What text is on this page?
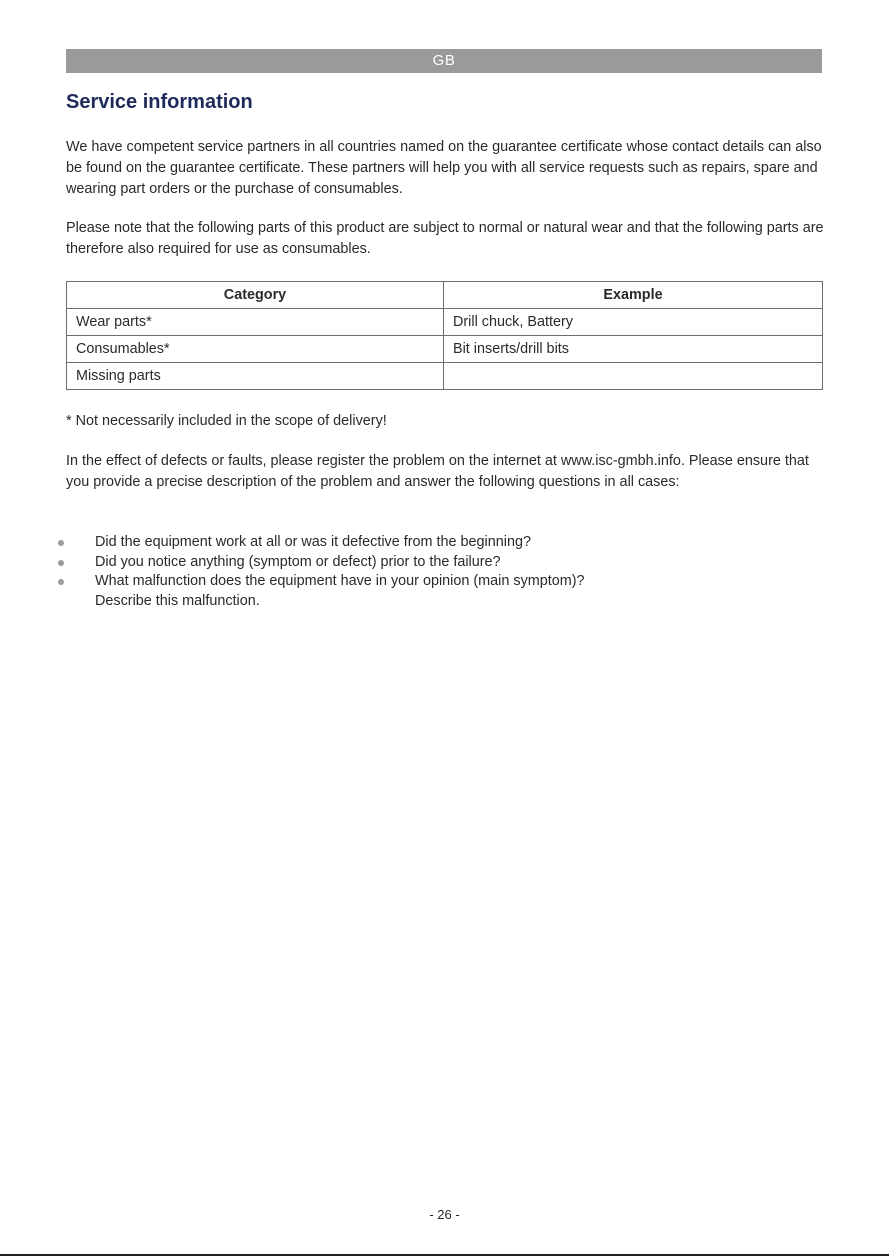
GB
Service information

We have competent service partners in all countries named on the guarantee certificate whose contact details can also be found on the guarantee certificate. These partners will help you with all service requests such as repairs, spare and wearing part orders or the purchase of consumables.

Please note that the following parts of this product are subject to normal or natural wear and that the following parts are therefore also required for use as consumables.

Category	Example
Wear parts*	Drill chuck, Battery
Consumables*	Bit inserts/drill bits
Missing parts	

* Not necessarily included in the scope of delivery!

In the effect of defects or faults, please register the problem on the internet at www.isc-gmbh.info. Please ensure that you provide a precise description of the problem and answer the following questions in all cases:

Did the equipment work at all or was it defective from the beginning?
Did you notice anything (symptom or defect) prior to the failure?
What malfunction does the equipment have in your opinion (main symptom)?
Describe this malfunction.
- 26 -
